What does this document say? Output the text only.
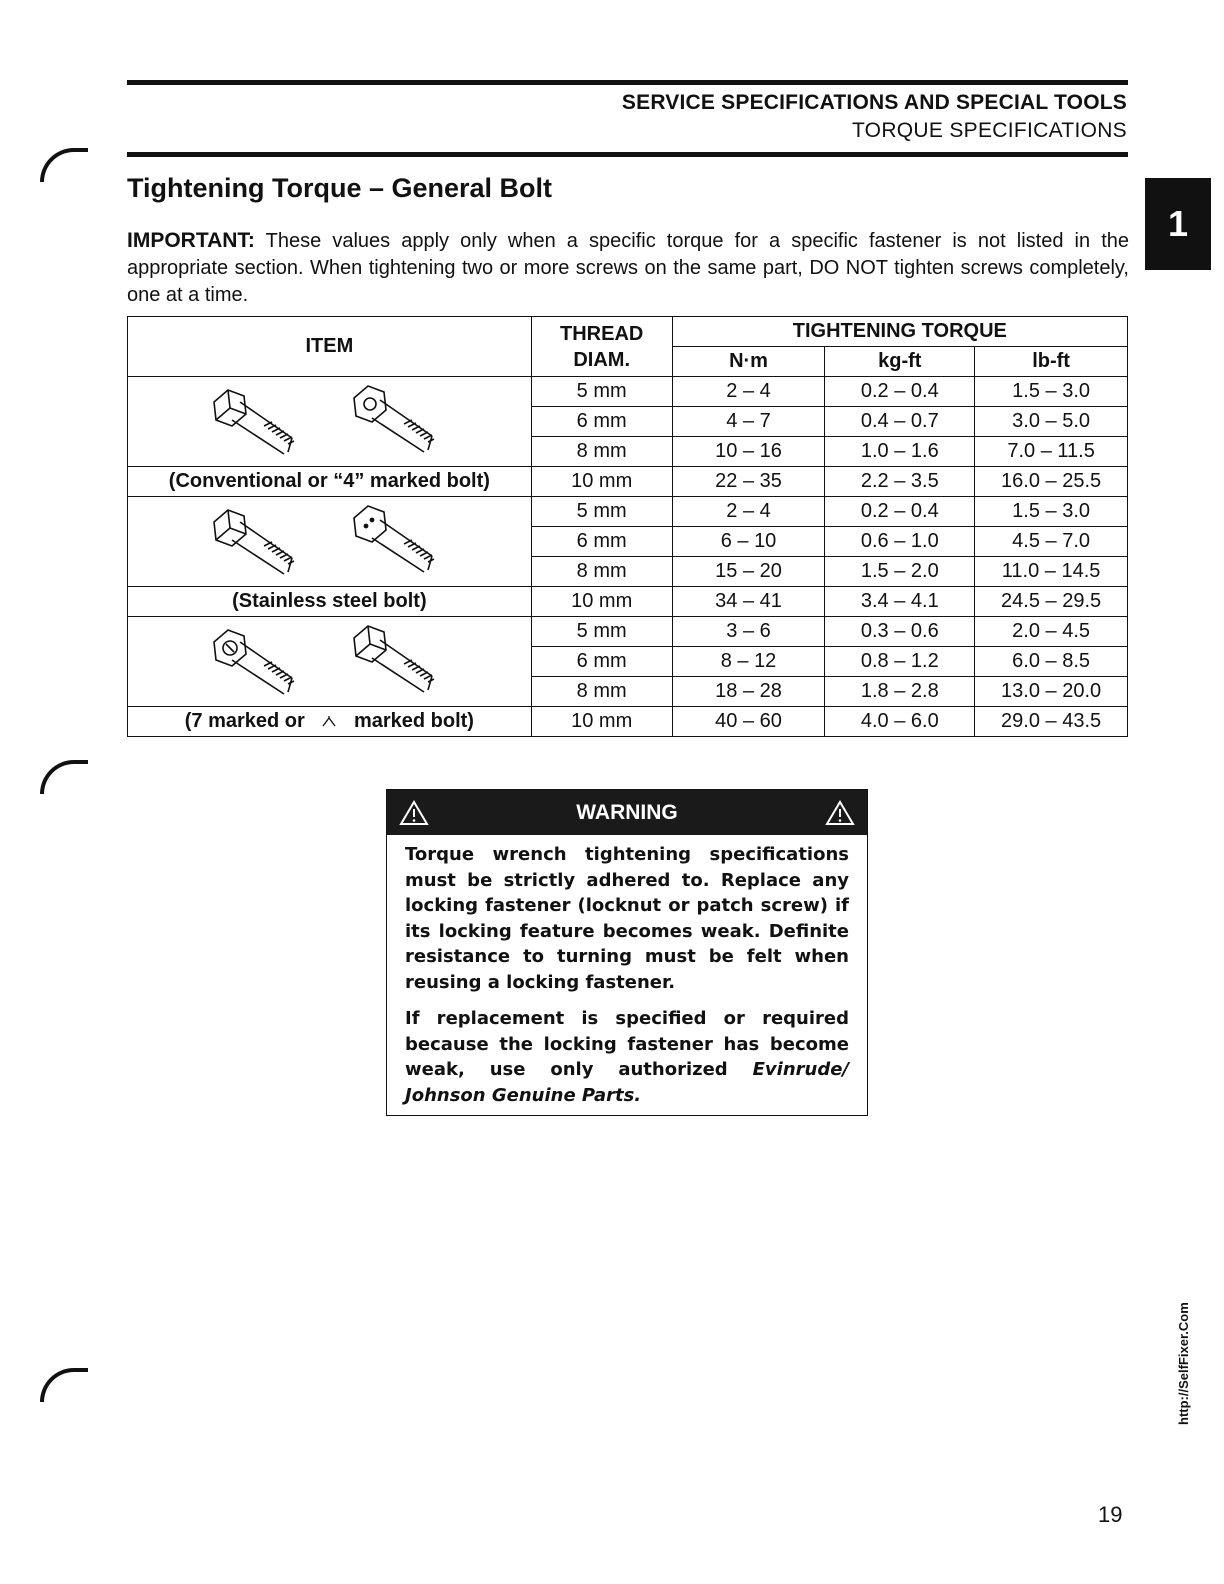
SERVICE SPECIFICATIONS AND SPECIAL TOOLS
TORQUE SPECIFICATIONS
1
Tightening Torque – General Bolt
IMPORTANT: These values apply only when a specific torque for a specific fastener is not listed in the appropriate section. When tightening two or more screws on the same part, DO NOT tighten screws completely, one at a time.
ITEM	THREAD DIAM.	TIGHTENING TORQUE		
		N·m	kg-ft	lb-ft

	5 mm	2 – 4	0.2 – 0.4	1.5 – 3.0
	6 mm	4 – 7	0.4 – 0.7	3.0 – 5.0
	8 mm	10 – 16	1.0 – 1.6	7.0 – 11.5
(Conventional or “4” marked bolt)	10 mm	22 – 35	2.2 – 3.5	16.0 – 25.5

	5 mm	2 – 4	0.2 – 0.4	1.5 – 3.0
	6 mm	6 – 10	0.6 – 1.0	4.5 – 7.0
	8 mm	15 – 20	1.5 – 2.0	11.0 – 14.5
(Stainless steel bolt)	10 mm	34 – 41	3.4 – 4.1	24.5 – 29.5

	5 mm	3 – 6	0.3 – 0.6	2.0 – 4.5
	6 mm	8 – 12	0.8 – 1.2	6.0 – 8.5
	8 mm	18 – 28	1.8 – 2.8	13.0 – 20.0
(7 marked or marked bolt)	10 mm	40 – 60	4.0 – 6.0	29.0 – 43.5
WARNING

Torque wrench tightening specifications must be strictly adhered to. Replace any locking fastener (locknut or patch screw) if its locking feature becomes weak. Definite resistance to turning must be felt when reusing a locking fastener.

If replacement is specified or required because the locking fastener has become weak, use only authorized Evinrude/ Johnson Genuine Parts.

19
http://SelfFixer.Com
